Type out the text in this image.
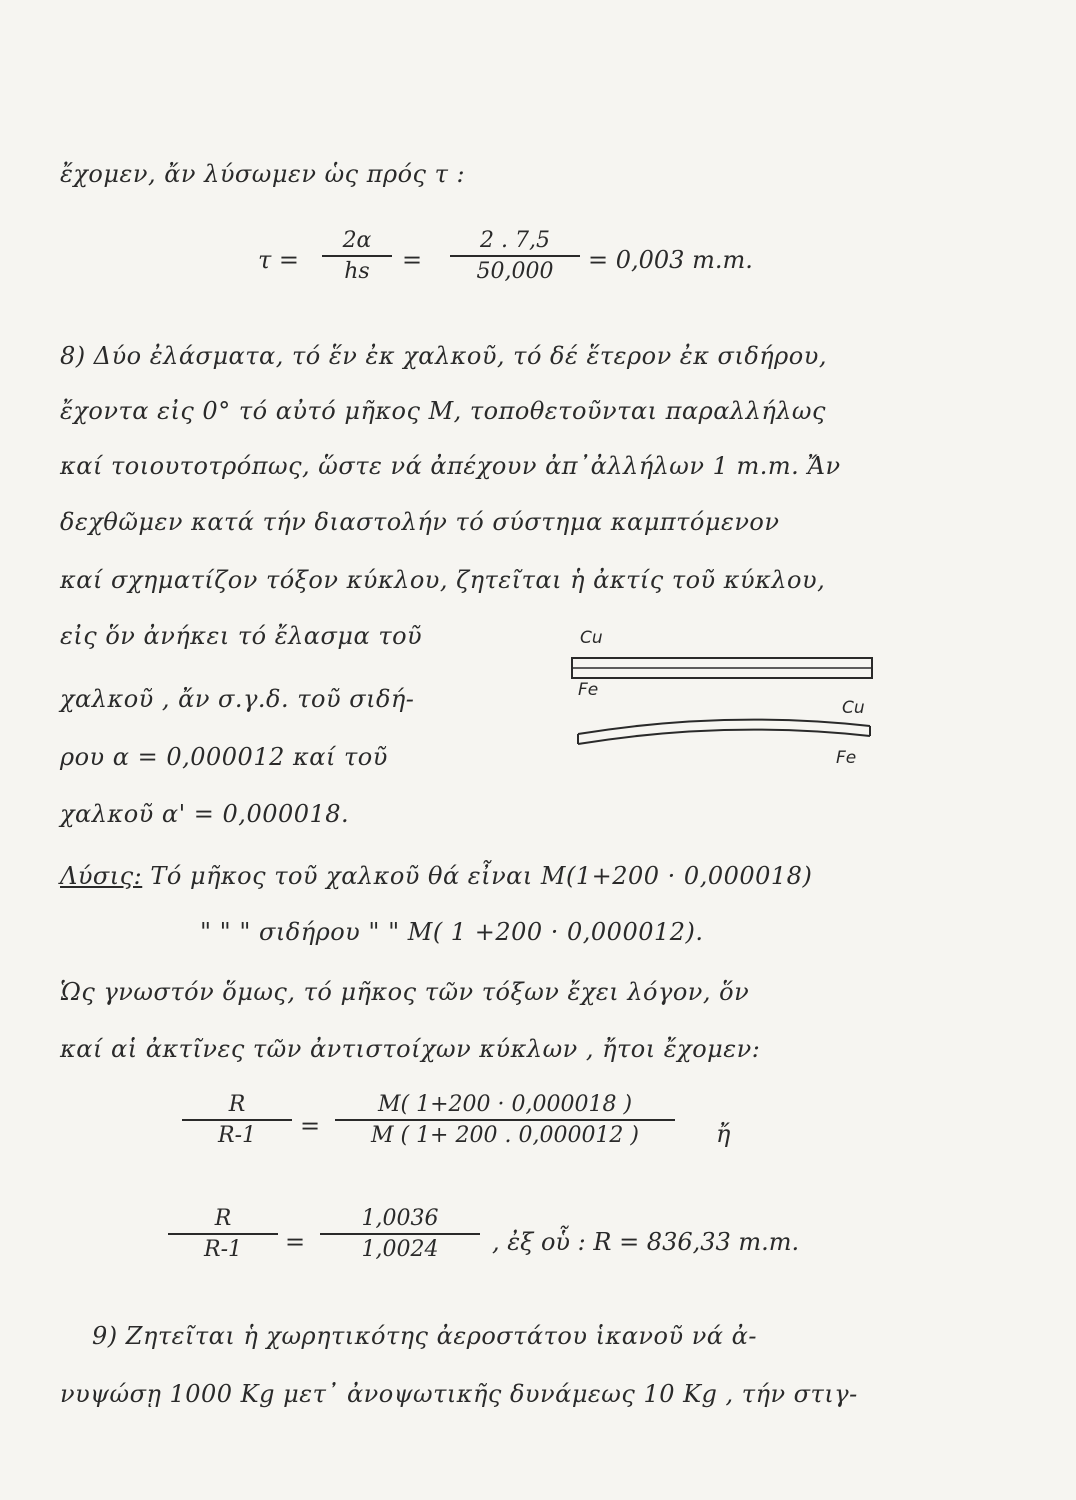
ἔχομεν, ἄν λύσωμεν ὡς πρός τ :
τ =
2α
hs	=
2 . 7,5
50,000	= 0,003 m.m.
8) Δύο ἐλάσματα, τό ἕν ἐκ χαλκοῦ, τό δέ ἕτερον ἐκ σιδήρου,
ἔχοντα εἰς 0° τό αὐτό μῆκος Μ, τοποθετοῦνται παραλλήλως
καί τοιουτοτρόπως, ὥστε νά ἀπέχουν ἀπ᾿ἀλλήλων 1 m.m. Ἄν
δεχθῶμεν κατά τήν διαστολήν τό σύστημα καμπτόμενον
καί σχηματίζον τόξον κύκλου, ζητεῖται ἡ ἀκτίς τοῦ κύκλου,
εἰς ὅν ἀνήκει τό ἔλασμα τοῦ
χαλκοῦ , ἄν σ.γ.δ. τοῦ σιδή-
ρου α = 0,000012 καί τοῦ
χαλκοῦ α' = 0,000018.
Cu
Fe
Cu
Fe
Λύσις: Τό μῆκος τοῦ χαλκοῦ θά εἶναι Μ(1+200 · 0,000018)
" " " σιδήρου " " Μ( 1 +200 · 0,000012).
Ὡς γνωστόν ὅμως, τό μῆκος τῶν τόξων ἔχει λόγον, ὅν
καί αἱ ἀκτῖνες τῶν ἀντιστοίχων κύκλων , ἤτοι ἔχομεν:
R
R-1	=
M( 1+200 · 0,000018 )
M ( 1+ 200 . 0,000012 )	ἤ
R
R-1	=
1,0036
1,0024	, ἐξ οὗ : R = 836,33 m.m.
9) Ζητεῖται ἡ χωρητικότης ἀεροστάτου ἱκανοῦ νά ἀ-
νυψώσῃ 1000 Kg μετ᾿ ἀνοψωτικῆς δυνάμεως 10 Kg , τήν στιγ-
